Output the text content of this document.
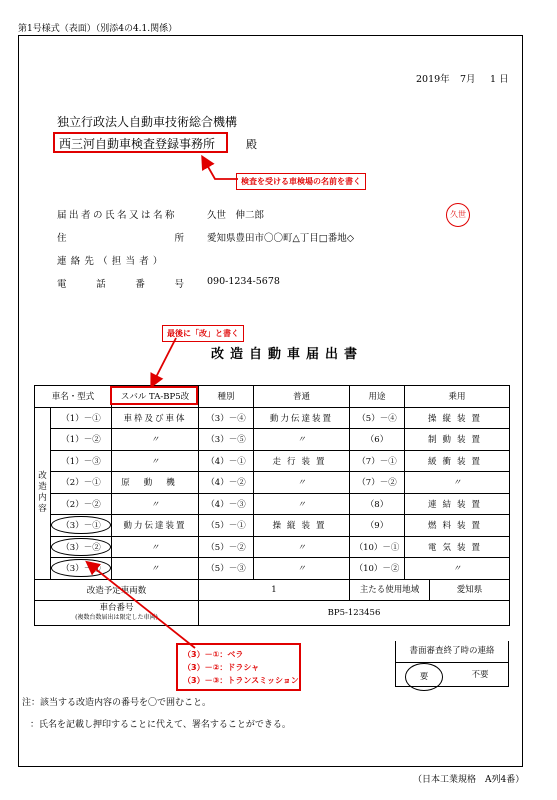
第1号様式（表面）（別添4の4.1.関係）
2019年 7月 1 日
独立行政法人自動車技術総合機構
西三河自動車検査登録事務所	殿
検査を受ける車検場の名前を書く
届出者の氏名又は名称	久世　伸二郎	久世
住	所 愛知県豊田市〇〇町△丁目□番地◇
連絡先（担当者）
電	話	番	号 090-1234-5678
最後に「改」と書く
改造自動車届出書
車名・型式		スバル TA-BP5改	種別	普通	用途	乗用
改
造
内
容	（1）－①	車枠及び車体	（3）－④	動力伝達装置	（5）－④	操縦装置
	（1）－②	〃	（3）－⑤	〃	（6）	制動装置
	（1）－③	〃	（4）－①	走行装置	（7）－①	緩衝装置
	（2）－①	原動機	（4）－②	〃	（7）－②	〃
	（2）－②	〃	（4）－③	〃	（8）	連結装置
	（3）－①	動力伝達装置	（5）－①	操縦装置	（9）	燃料装置
	（3）－②	〃	（5）－②	〃	（10）－①	電気装置
	（3）－③	〃	（5）－③	〃	（10）－②	〃
改造予定車両数			1		主たる使用地域 愛知県	

車台番号
(複数台数届出は限定した車両)			BP5-123456			
書面審査終了時の連絡
要	不要
（3）－①：ベラ
（3）－②：ドラシャ
（3）－③：トランスミッション
注：該当する改造内容の番号を〇で囲むこと。
：氏名を記載し押印することに代えて、署名することができる。
（日本工業規格　A列4番）
